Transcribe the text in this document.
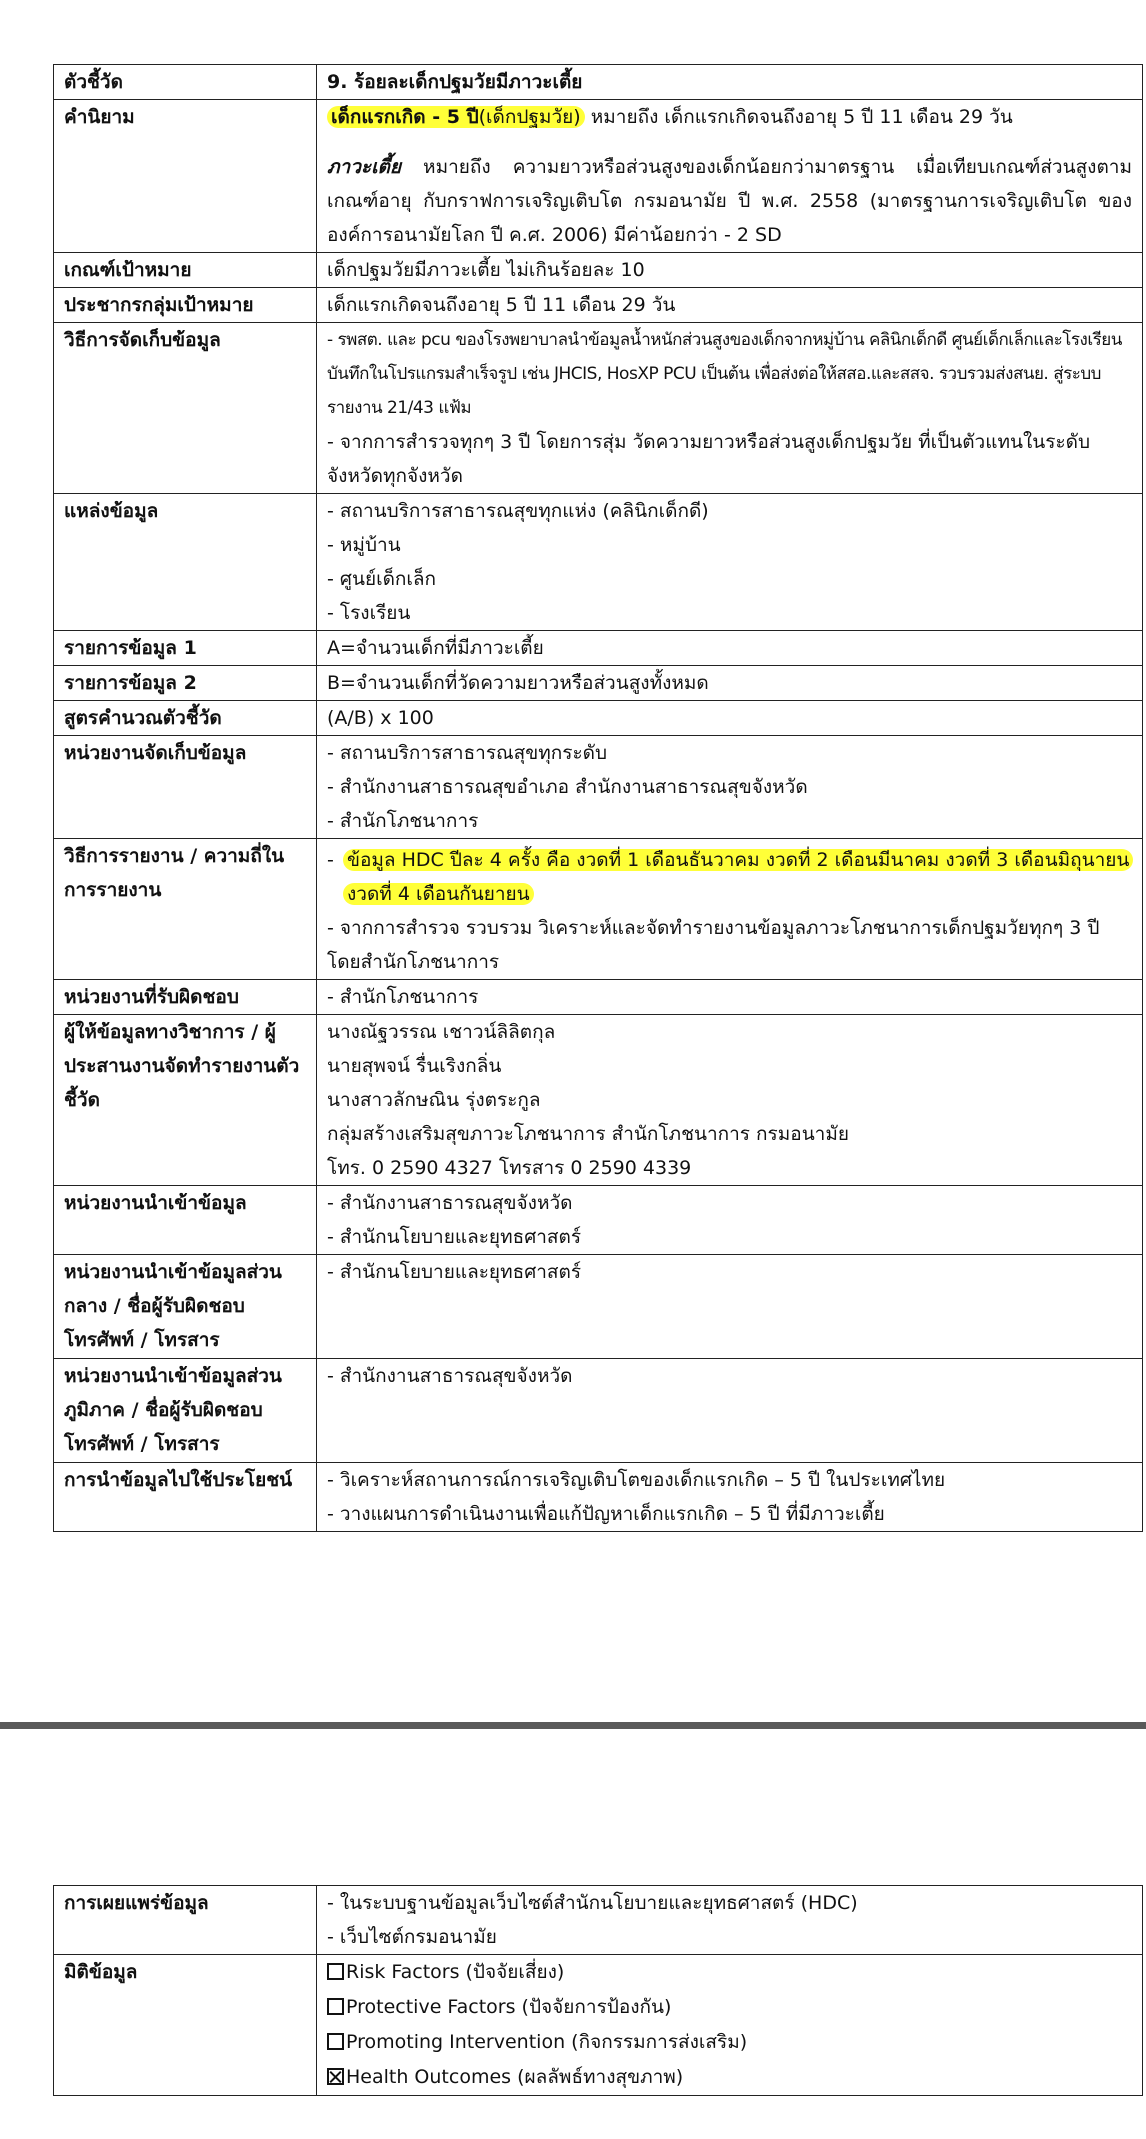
ตัวชี้วัด	9. ร้อยละเด็กปฐมวัยมีภาวะเตี้ย
คำนิยาม	เด็กแรกเกิด - 5 ปี(เด็กปฐมวัย) หมายถึง เด็กแรกเกิดจนถึงอายุ 5 ปี 11 เดือน 29 วัน
ภาวะเตี้ย หมายถึง ความยาวหรือส่วนสูงของเด็กน้อยกว่ามาตรฐาน เมื่อเทียบเกณฑ์ส่วนสูงตามเกณฑ์อายุ กับกราฟการเจริญเติบโต กรมอนามัย ปี พ.ศ. 2558 (มาตรฐานการเจริญเติบโต ขององค์การอนามัยโลก ปี ค.ศ. 2006) มีค่าน้อยกว่า - 2 SD

เกณฑ์เป้าหมาย	เด็กปฐมวัยมีภาวะเตี้ย ไม่เกินร้อยละ 10
ประชากรกลุ่มเป้าหมาย	เด็กแรกเกิดจนถึงอายุ 5 ปี 11 เดือน 29 วัน
วิธีการจัดเก็บข้อมูล	- รพสต. และ pcu ของโรงพยาบาลนำข้อมูลน้ำหนักส่วนสูงของเด็กจากหมู่บ้าน คลินิกเด็กดี ศูนย์เด็กเล็กและโรงเรียน บันทึกในโปรแกรมสำเร็จรูป เช่น JHCIS, HosXP PCU เป็นต้น เพื่อส่งต่อให้สสอ.และสสจ. รวบรวมส่งสนย. สู่ระบบรายงาน 21/43 แฟ้ม
- จากการสำรวจทุกๆ 3 ปี โดยการสุ่ม วัดความยาวหรือส่วนสูงเด็กปฐมวัย ที่เป็นตัวแทนในระดับจังหวัดทุกจังหวัด

แหล่งข้อมูล	- สถานบริการสาธารณสุขทุกแห่ง (คลินิกเด็กดี)
- หมู่บ้าน
- ศูนย์เด็กเล็ก
- โรงเรียน

รายการข้อมูล 1	A=จำนวนเด็กที่มีภาวะเตี้ย
รายการข้อมูล 2	B=จำนวนเด็กที่วัดความยาวหรือส่วนสูงทั้งหมด
สูตรคำนวณตัวชี้วัด	(A/B) x 100
หน่วยงานจัดเก็บข้อมูล	- สถานบริการสาธารณสุขทุกระดับ
- สำนักงานสาธารณสุขอำเภอ สำนักงานสาธารณสุขจังหวัด
- สำนักโภชนาการ

วิธีการรายงาน / ความถี่ในการรายงาน	- ข้อมูล HDC ปีละ 4 ครั้ง คือ งวดที่ 1 เดือนธันวาคม งวดที่ 2 เดือนมีนาคม งวดที่ 3 เดือนมิถุนายน งวดที่ 4 เดือนกันยายน
- จากการสำรวจ รวบรวม วิเคราะห์และจัดทำรายงานข้อมูลภาวะโภชนาการเด็กปฐมวัยทุกๆ 3 ปี โดยสำนักโภชนาการ

หน่วยงานที่รับผิดชอบ	- สำนักโภชนาการ
ผู้ให้ข้อมูลทางวิชาการ / ผู้ประสานงานจัดทำรายงานตัวชี้วัด	นางณัฐวรรณ เชาวน์ลิลิตกุล
นายสุพจน์ รื่นเริงกลิ่น
นางสาวลักษณิน รุ่งตระกูล
กลุ่มสร้างเสริมสุขภาวะโภชนาการ สำนักโภชนาการ กรมอนามัย
โทร. 0 2590 4327 โทรสาร 0 2590 4339

หน่วยงานนำเข้าข้อมูล	- สำนักงานสาธารณสุขจังหวัด
- สำนักนโยบายและยุทธศาสตร์

หน่วยงานนำเข้าข้อมูลส่วนกลาง / ชื่อผู้รับผิดชอบ โทรศัพท์ / โทรสาร	- สำนักนโยบายและยุทธศาสตร์
หน่วยงานนำเข้าข้อมูลส่วนภูมิภาค / ชื่อผู้รับผิดชอบ โทรศัพท์ / โทรสาร	- สำนักงานสาธารณสุขจังหวัด
การนำข้อมูลไปใช้ประโยชน์	- วิเคราะห์สถานการณ์การเจริญเติบโตของเด็กแรกเกิด – 5 ปี ในประเทศไทย
- วางแผนการดำเนินงานเพื่อแก้ปัญหาเด็กแรกเกิด – 5 ปี ที่มีภาวะเตี้ย
การเผยแพร่ข้อมูล	- ในระบบฐานข้อมูลเว็บไซต์สำนักนโยบายและยุทธศาสตร์ (HDC)
- เว็บไซต์กรมอนามัย

มิติข้อมูล	Risk Factors (ปัจจัยเสี่ยง)
Protective Factors (ปัจจัยการป้องกัน)
Promoting Intervention (กิจกรรมการส่งเสริม)
Health Outcomes (ผลลัพธ์ทางสุขภาพ)
